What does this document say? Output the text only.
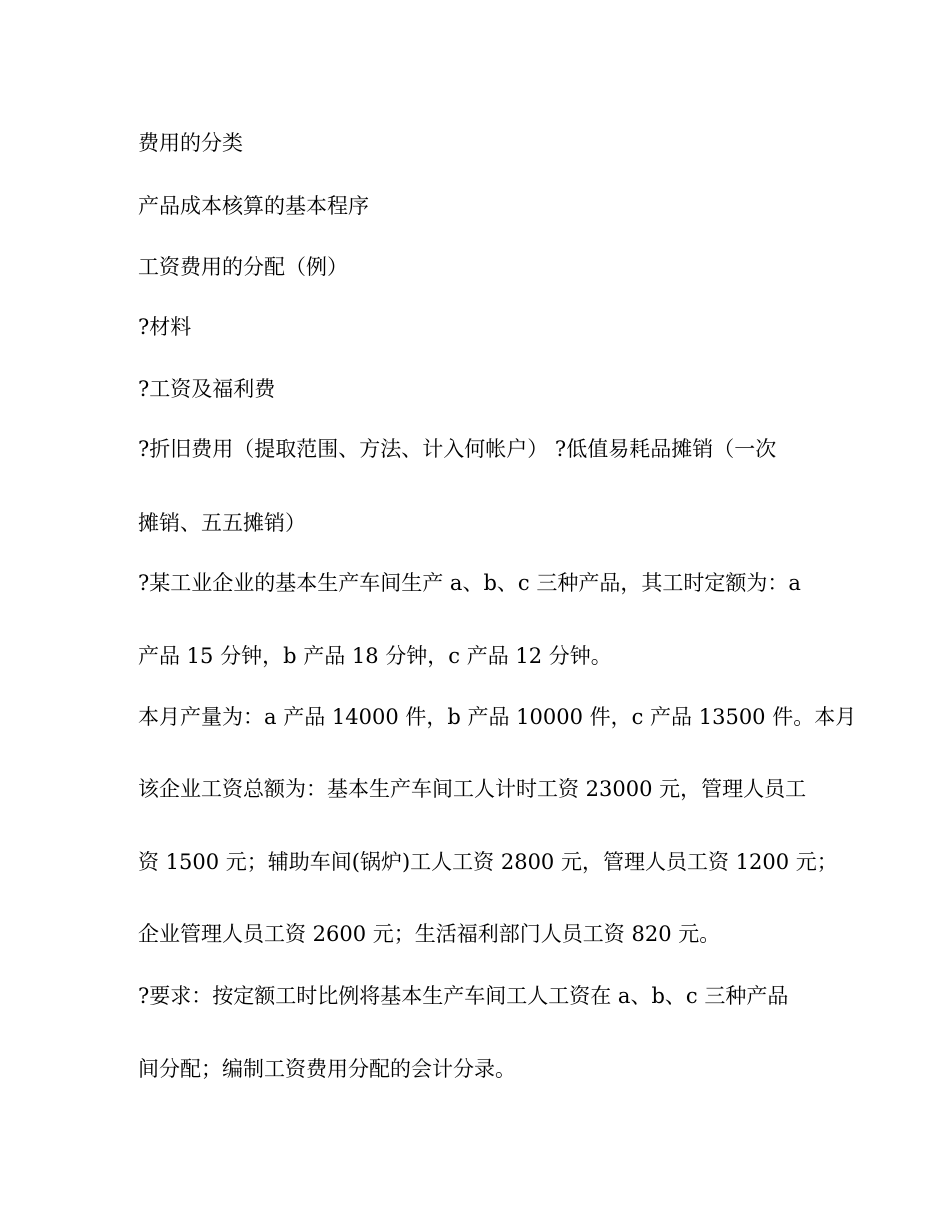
费用的分类
产品成本核算的基本程序
工资费用的分配（例）
?材料
?工资及福利费
?折旧费用（提取范围、方法、计入何帐户） ?低值易耗品摊销（一次
摊销、五五摊销）
?某工业企业的基本生产车间生产 a、b、c 三种产品，其工时定额为：a
产品 15 分钟，b 产品 18 分钟，c 产品 12 分钟。
本月产量为：a 产品 14000 件，b 产品 10000 件，c 产品 13500 件。本月
该企业工资总额为：基本生产车间工人计时工资 23000 元，管理人员工
资 1500 元；辅助车间(锅炉)工人工资 2800 元，管理人员工资 1200 元；
企业管理人员工资 2600 元；生活福利部门人员工资 820 元。
?要求：按定额工时比例将基本生产车间工人工资在 a、b、c 三种产品
间分配；编制工资费用分配的会计分录。
